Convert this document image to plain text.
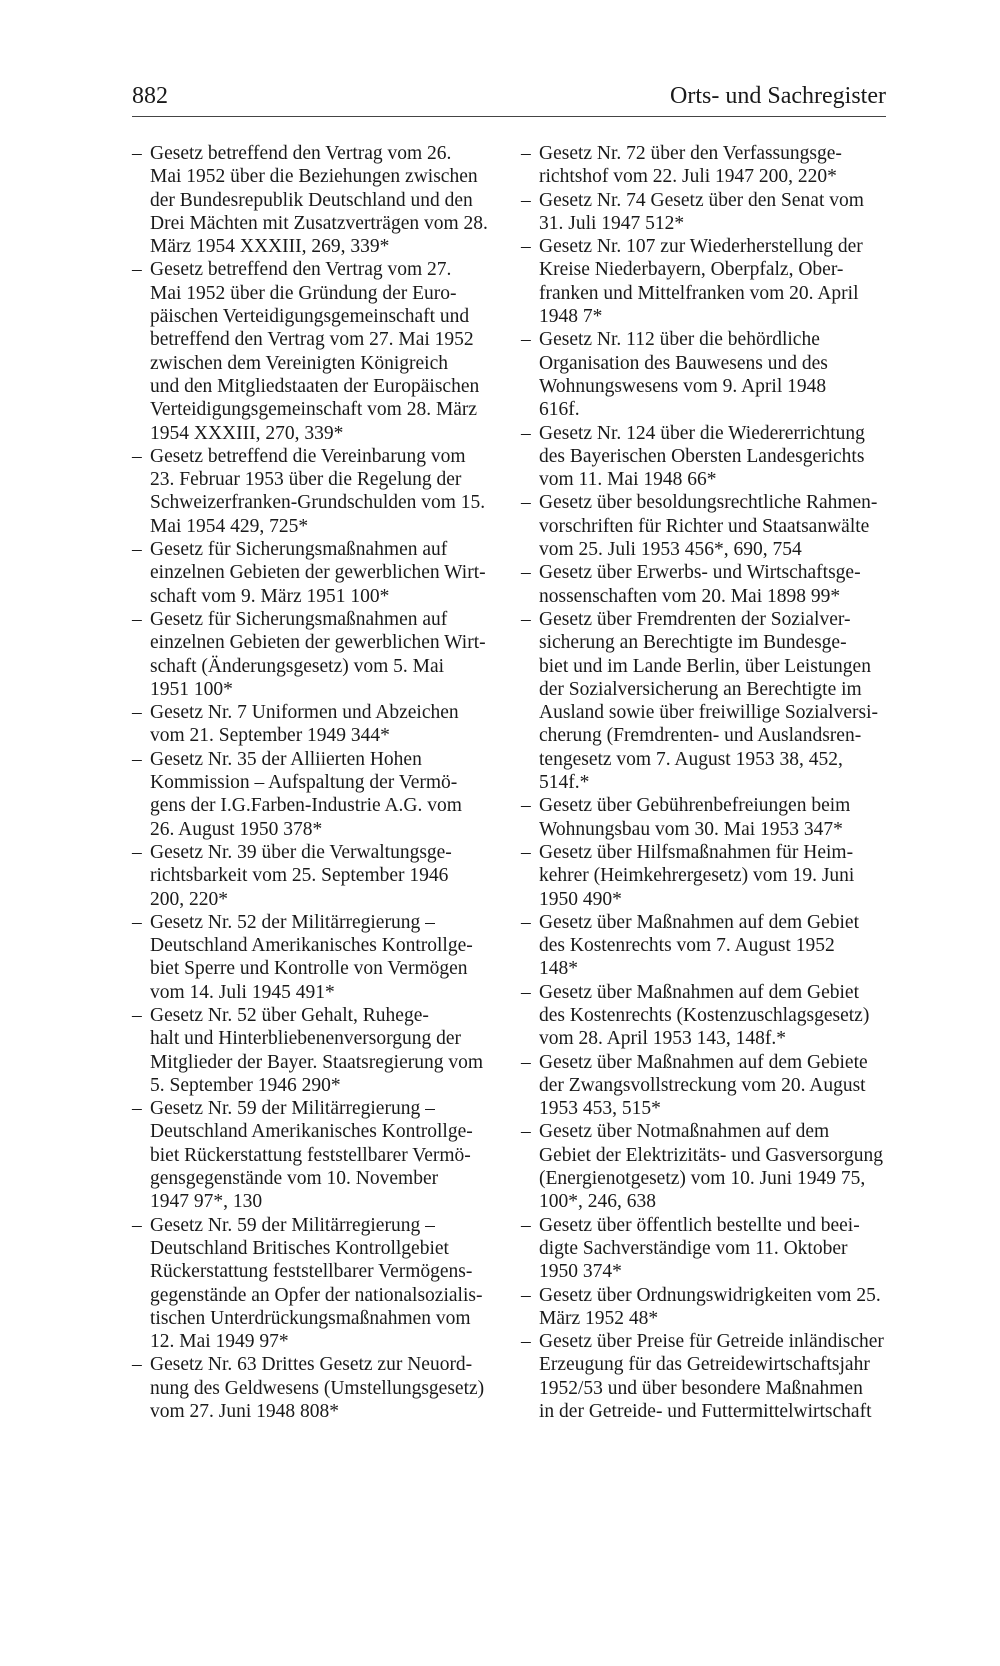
882	Orts- und Sachregister
– Gesetz betreffend den Vertrag vom 26.
Mai 1952 über die Beziehungen zwischen
der Bundesrepublik Deutschland und den
Drei Mächten mit Zusatzverträgen vom 28.
März 1954 XXXIII, 269, 339*
– Gesetz betreffend den Vertrag vom 27.
Mai 1952 über die Gründung der Euro-
päischen Verteidigungsgemeinschaft und
betreffend den Vertrag vom 27. Mai 1952
zwischen dem Vereinigten Königreich
und den Mitgliedstaaten der Europäischen
Verteidigungsgemeinschaft vom 28. März
1954 XXXIII, 270, 339*
– Gesetz betreffend die Vereinbarung vom
23. Februar 1953 über die Regelung der
Schweizerfranken-Grundschulden vom 15.
Mai 1954 429, 725*
– Gesetz für Sicherungsmaßnahmen auf
einzelnen Gebieten der gewerblichen Wirt-
schaft vom 9. März 1951 100*
– Gesetz für Sicherungsmaßnahmen auf
einzelnen Gebieten der gewerblichen Wirt-
schaft (Änderungsgesetz) vom 5. Mai
1951 100*
– Gesetz Nr. 7 Uniformen und Abzeichen
vom 21. September 1949 344*
– Gesetz Nr. 35 der Alliierten Hohen
Kommission – Aufspaltung der Vermö-
gens der I.G.Farben-Industrie A.G. vom
26. August 1950 378*
– Gesetz Nr. 39 über die Verwaltungsge-
richtsbarkeit vom 25. September 1946
200, 220*
– Gesetz Nr. 52 der Militärregierung –
Deutschland Amerikanisches Kontrollge-
biet Sperre und Kontrolle von Vermögen
vom 14. Juli 1945 491*
– Gesetz Nr. 52 über Gehalt, Ruhege-
halt und Hinterbliebenenversorgung der
Mitglieder der Bayer. Staatsregierung vom
5. September 1946 290*
– Gesetz Nr. 59 der Militärregierung –
Deutschland Amerikanisches Kontrollge-
biet Rückerstattung feststellbarer Vermö-
gensgegenstände vom 10. November
1947 97*, 130
– Gesetz Nr. 59 der Militärregierung –
Deutschland Britisches Kontrollgebiet
Rückerstattung feststellbarer Vermögens-
gegenstände an Opfer der nationalsozialis-
tischen Unterdrückungsmaßnahmen vom
12. Mai 1949 97*
– Gesetz Nr. 63 Drittes Gesetz zur Neuord-
nung des Geldwesens (Umstellungsgesetz)
vom 27. Juni 1948 808*
– Gesetz Nr. 72 über den Verfassungsge-
richtshof vom 22. Juli 1947 200, 220*
– Gesetz Nr. 74 Gesetz über den Senat vom
31. Juli 1947 512*
– Gesetz Nr. 107 zur Wiederherstellung der
Kreise Niederbayern, Oberpfalz, Ober-
franken und Mittelfranken vom 20. April
1948 7*
– Gesetz Nr. 112 über die behördliche
Organisation des Bauwesens und des
Wohnungswesens vom 9. April 1948
616f.
– Gesetz Nr. 124 über die Wiedererrichtung
des Bayerischen Obersten Landesgerichts
vom 11. Mai 1948 66*
– Gesetz über besoldungsrechtliche Rahmen-
vorschriften für Richter und Staatsanwälte
vom 25. Juli 1953 456*, 690, 754
– Gesetz über Erwerbs- und Wirtschaftsge-
nossenschaften vom 20. Mai 1898 99*
– Gesetz über Fremdrenten der Sozialver-
sicherung an Berechtigte im Bundesge-
biet und im Lande Berlin, über Leistungen
der Sozialversicherung an Berechtigte im
Ausland sowie über freiwillige Sozialversi-
cherung (Fremdrenten- und Auslandsren-
tengesetz vom 7. August 1953 38, 452,
514f.*
– Gesetz über Gebührenbefreiungen beim
Wohnungsbau vom 30. Mai 1953 347*
– Gesetz über Hilfsmaßnahmen für Heim-
kehrer (Heimkehrergesetz) vom 19. Juni
1950 490*
– Gesetz über Maßnahmen auf dem Gebiet
des Kostenrechts vom 7. August 1952
148*
– Gesetz über Maßnahmen auf dem Gebiet
des Kostenrechts (Kostenzuschlagsgesetz)
vom 28. April 1953 143, 148f.*
– Gesetz über Maßnahmen auf dem Gebiete
der Zwangsvollstreckung vom 20. August
1953 453, 515*
– Gesetz über Notmaßnahmen auf dem
Gebiet der Elektrizitäts- und Gasversorgung
(Energienotgesetz) vom 10. Juni 1949 75,
100*, 246, 638
– Gesetz über öffentlich bestellte und beei-
digte Sachverständige vom 11. Oktober
1950 374*
– Gesetz über Ordnungswidrigkeiten vom 25.
März 1952 48*
– Gesetz über Preise für Getreide inländischer
Erzeugung für das Getreidewirtschaftsjahr
1952/53 und über besondere Maßnahmen
in der Getreide- und Futtermittelwirtschaft
